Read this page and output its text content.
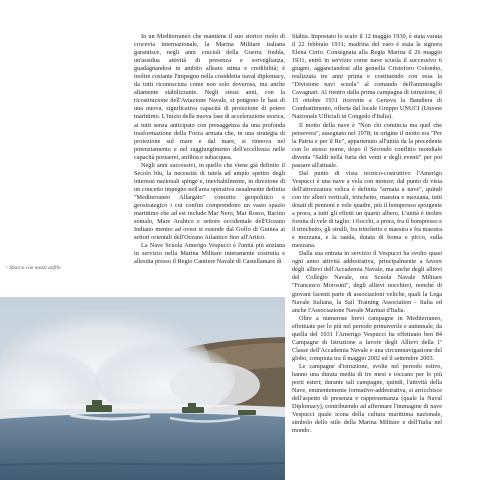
In un Mediterraneo che mantiene il suo storico ruolo di crocevia internazionale, la Marina Militare italiana garantisce, negli anni cruciali della Guerra fredda, un'assidua attività di presenza e sorveglianza, guadagnandosi in ambito alleato stima e credibilità; è inoltre costante l'impegno nella cosiddetta naval diplomacy, da tutti riconosciuta come non solo doverosa, ma anche altamente stabilizzante. Negli stessi anni, con la ricostituzione dell'Aviazione Navale, si pongono le basi di una nuova, significativa capacità di proiezione di potere marittimo. L'inizio della nuova fase di accelerazione storica, ai tutti senza anticipato con presaggenza da una profonda trasformazione della Forza armata che, in una strategia di proiezione sul mare e dal mare, si rinnova nel potenziamento e nel raggiungimento dell'eccellenza nelle capacità portaerei, anfibia e subacquea.

Negli anni successivi, in quello che viene già definito il Secolo blu, la necessità di tutela ad ampio spettro degli interessi nazionali spinge e, inevitabilmente, in direzione di un concetto impegno nell'area operativa usualmente definita "Mediterraneo Allargato" concetto geopolitico e geostrategico i cui confini comprendono un vasto spazio marittimo che ad est include Mar Nero, Mar Rosso, Bacino somalo, Mare Arabico e settore occidentale dell'Oceano Indiano mentre ad ovest si estende dal Golfo di Guinea ai settori orientali dell'Oceano Atlantico fino all'Artico.

La Nave Scuola Amerigo Vespucci è l'unità più anziana in servizio nella Marina Militare interamente costruita e allestita presso il Regio Cantiere Navale di Castellamare di

Stabia. Impostato lo scafo il 12 maggio 1930, è stata varata il 22 febbraio 1931; madrina del varo è stata la signora Elena Cerio. Consegnata alla Regia Marina il 26 maggio 1931, entrò in servizio come nave scuola il successivo 6 giugno, agganciandosi alla gemella Cristoforo Colombo, realizzata tre anni prima e costituendo con essa la "Divisione navi scuola" al comando dell'ammiraglio Cavagnari. Al rientro dalla prima campagna di istruzione, il 15 ottobre 1931 ricevette a Genova la Bandiera di Combattimento, offerta dal locale Gruppo UNUCI (Unione Nazionale Ufficiali in Congedo d'Italia).

Il motto della nave è "Non chi comincia ma quel che persevera", assegnato nel 1978; in origine il motto era "Per la Patria e per il Re", appartenuto all'unità da la precedente con lo stesso nome, dopo il Secondo conflitto mondiale diventa "Saldi nella furia dei venti e degli eventi" per poi passare all'attuale.

Dal punto di vista tecnico-costruttivo l'Amerigo Vespucci è una nave a vela con motore; dal punto di vista dell'attrezzatura velica è definita "armata a nave", quindi con tre alberi verticali, trinchetto, maestra e mezzana, tutti dotati di pennoni e vele quadre, più il bompresso sporgente a prora, a tutti gli effetti un quarto albero. L'unità è inoltre fornita di vele di taglio: i fiocchi, a prora, fra il bompresso e il trinchetto, gli strulli, fra trinchetto e maestra e fra maestra e mezzana, e la randa, dotata di boma e picco, sulla mezzana.

Dalla sua entrata in servizio il Vespucci ha svolto quasi ogni anno attività addestrativa, principalmente a favore degli allievi dell'Accademia Navale, ma anche degli allievi del Collegio Navale, ora Scuola Navale Militare "Francesco Morosini", degli allievi nocchieri, nonché di giovani facenti parte di associazioni veliche, quali la Lega Navale Italiana, la Sail Training Association - Italia ed anche l'Associazione Navale Marinai d'Italia.

Oltre a numerose brevi campagne in Mediterraneo, effettuate per lo più nel periodo primaverile e autunnale, da quella del 1931 l'Amerigo Vespucci ha effettuato ben 84 Campagne di Istruzione a favore degli Allievi della 1ª Classe dell'Accademia Navale e una circumnavigazione del globo, compiuta tra il maggio 2002 ed il settembre 2003.

Le campagne d'istruzione, svolte nel periodo estivo, hanno una durata media di tre mesi e toccano per lo più porti esteri; durante tali campagne, quindi, l'attività della Nave, eminentemente formativo-addestrativa, si arricchisce dell'aspetto di presenza e rappresentanza (quale la Naval Diplomacy), contribuendo ad affermare l'immagine di nave Vespucci quale icona della cultura marittima nazionale, simbolo dello stile della Marina Militare e dell'Italia nel mondo.

◦ Sbarco con mezzi anfibi
